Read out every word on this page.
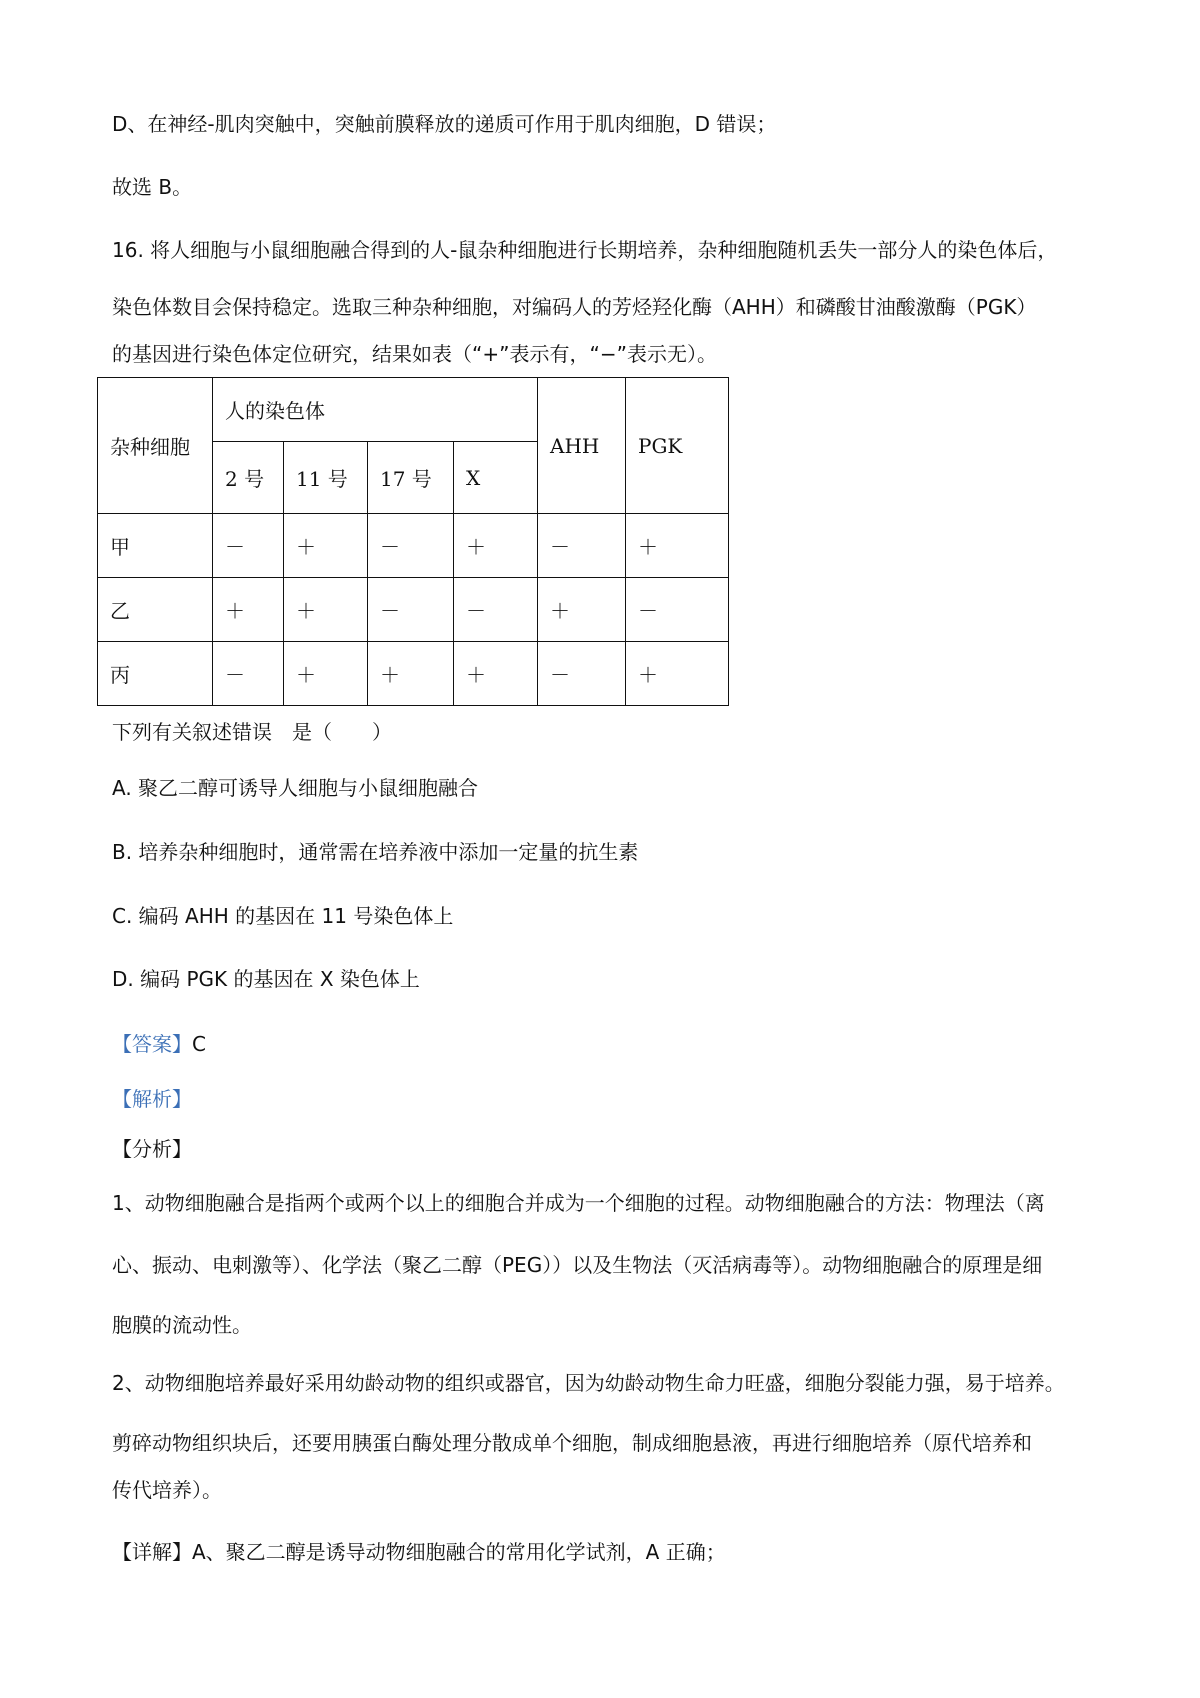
D、在神经-肌肉突触中，突触前膜释放的递质可作用于肌肉细胞，D 错误；
故选 B。
16. 将人细胞与小鼠细胞融合得到的人-鼠杂种细胞进行长期培养，杂种细胞随机丢失一部分人的染色体后，
染色体数目会保持稳定。选取三种杂种细胞，对编码人的芳烃羟化酶（AHH）和磷酸甘油酸激酶（PGK）
的基因进行染色体定位研究，结果如表（“+”表示有，“−”表示无）。
杂种细胞	人的染色体				AHH	PGK
	2 号	11 号	17 号	X		
甲	－	＋	－	＋	－	＋
乙	＋	＋	－	－	＋	－
丙	－	＋	＋	＋	－	＋
下列有关叙述错误　是（　　）
A. 聚乙二醇可诱导人细胞与小鼠细胞融合
B. 培养杂种细胞时，通常需在培养液中添加一定量的抗生素
C. 编码 AHH 的基因在 11 号染色体上
D. 编码 PGK 的基因在 X 染色体上
【答案】C
【解析】
【分析】
1、动物细胞融合是指两个或两个以上的细胞合并成为一个细胞的过程。动物细胞融合的方法：物理法（离
心、振动、电刺激等）、化学法（聚乙二醇（PEG））以及生物法（灭活病毒等）。动物细胞融合的原理是细
胞膜的流动性。
2、动物细胞培养最好采用幼龄动物的组织或器官，因为幼龄动物生命力旺盛，细胞分裂能力强，易于培养。
剪碎动物组织块后，还要用胰蛋白酶处理分散成单个细胞，制成细胞悬液，再进行细胞培养（原代培养和
传代培养）。
【详解】A、聚乙二醇是诱导动物细胞融合的常用化学试剂，A 正确；
